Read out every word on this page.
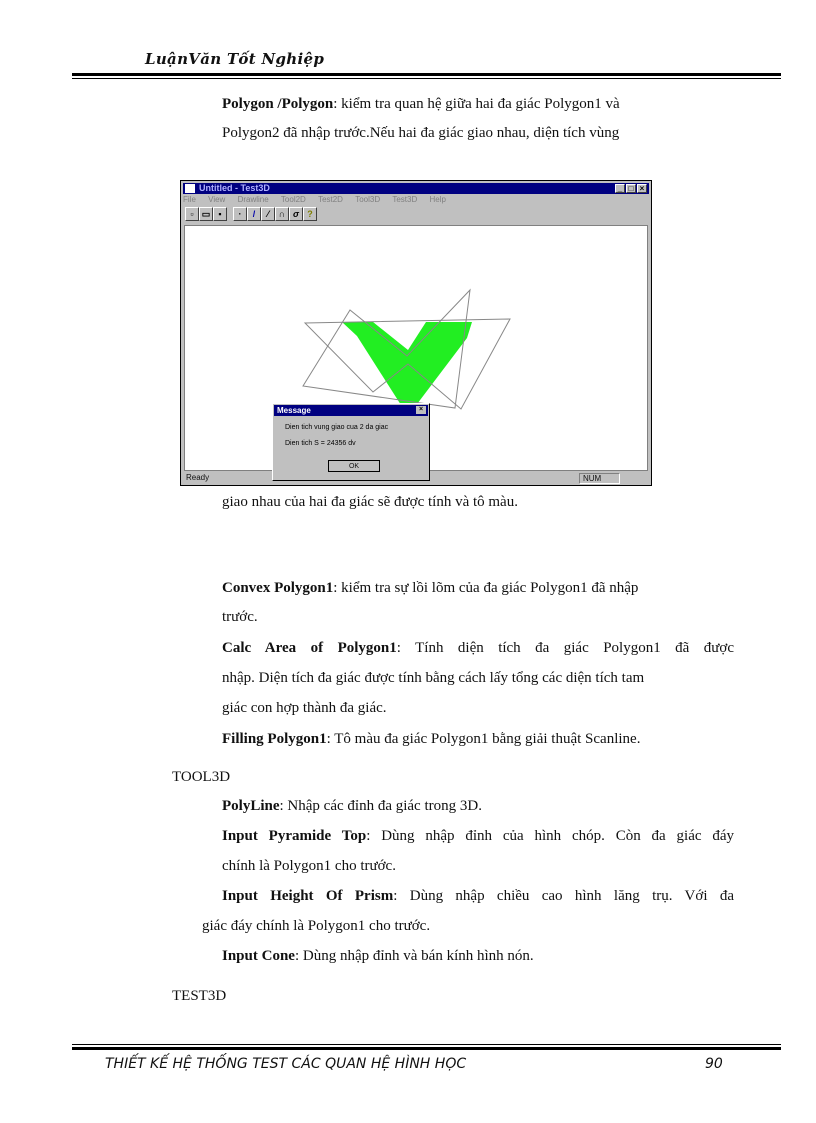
LuậnVăn Tốt Nghiệp
Polygon /Polygon: kiểm tra quan hệ giữa hai đa giác Polygon1 và
Polygon2 đã nhập trước.Nếu hai đa giác giao nhau, diện tích vùng
Untitled - Test3D	_ □ ×
File View Drawline Tool2D Test2D Tool3D Test3D Help
▫ ▭ ▪	·	/	⁄	∩ σ ?
Ready	NUM
Message	×
Dien tich vung giao cua 2 da giac
Dien tich S = 24356 dv
OK
giao nhau của hai đa giác sẽ được tính và tô màu.
Convex Polygon1: kiểm tra sự lồi lõm của đa giác Polygon1 đã nhập
trước.
Calc Area of Polygon1: Tính diện tích đa giác Polygon1 đã được
nhập. Diện tích đa giác được tính bằng cách lấy tổng các diện tích tam
giác con hợp thành đa giác.
Filling Polygon1: Tô màu đa giác Polygon1 bằng giải thuật Scanline.
TOOL3D
PolyLine: Nhập các đỉnh đa giác trong 3D.
Input Pyramide Top: Dùng nhập đỉnh của hình chóp. Còn đa giác đáy
chính là Polygon1 cho trước.
Input Height Of Prism: Dùng nhập chiều cao hình lăng trụ. Với đa
giác đáy chính là Polygon1 cho trước.
Input Cone: Dùng nhập đỉnh và bán kính hình nón.
TEST3D
THIẾT KẾ HỆ THỐNG TEST CÁC QUAN HỆ HÌNH HỌC	90
